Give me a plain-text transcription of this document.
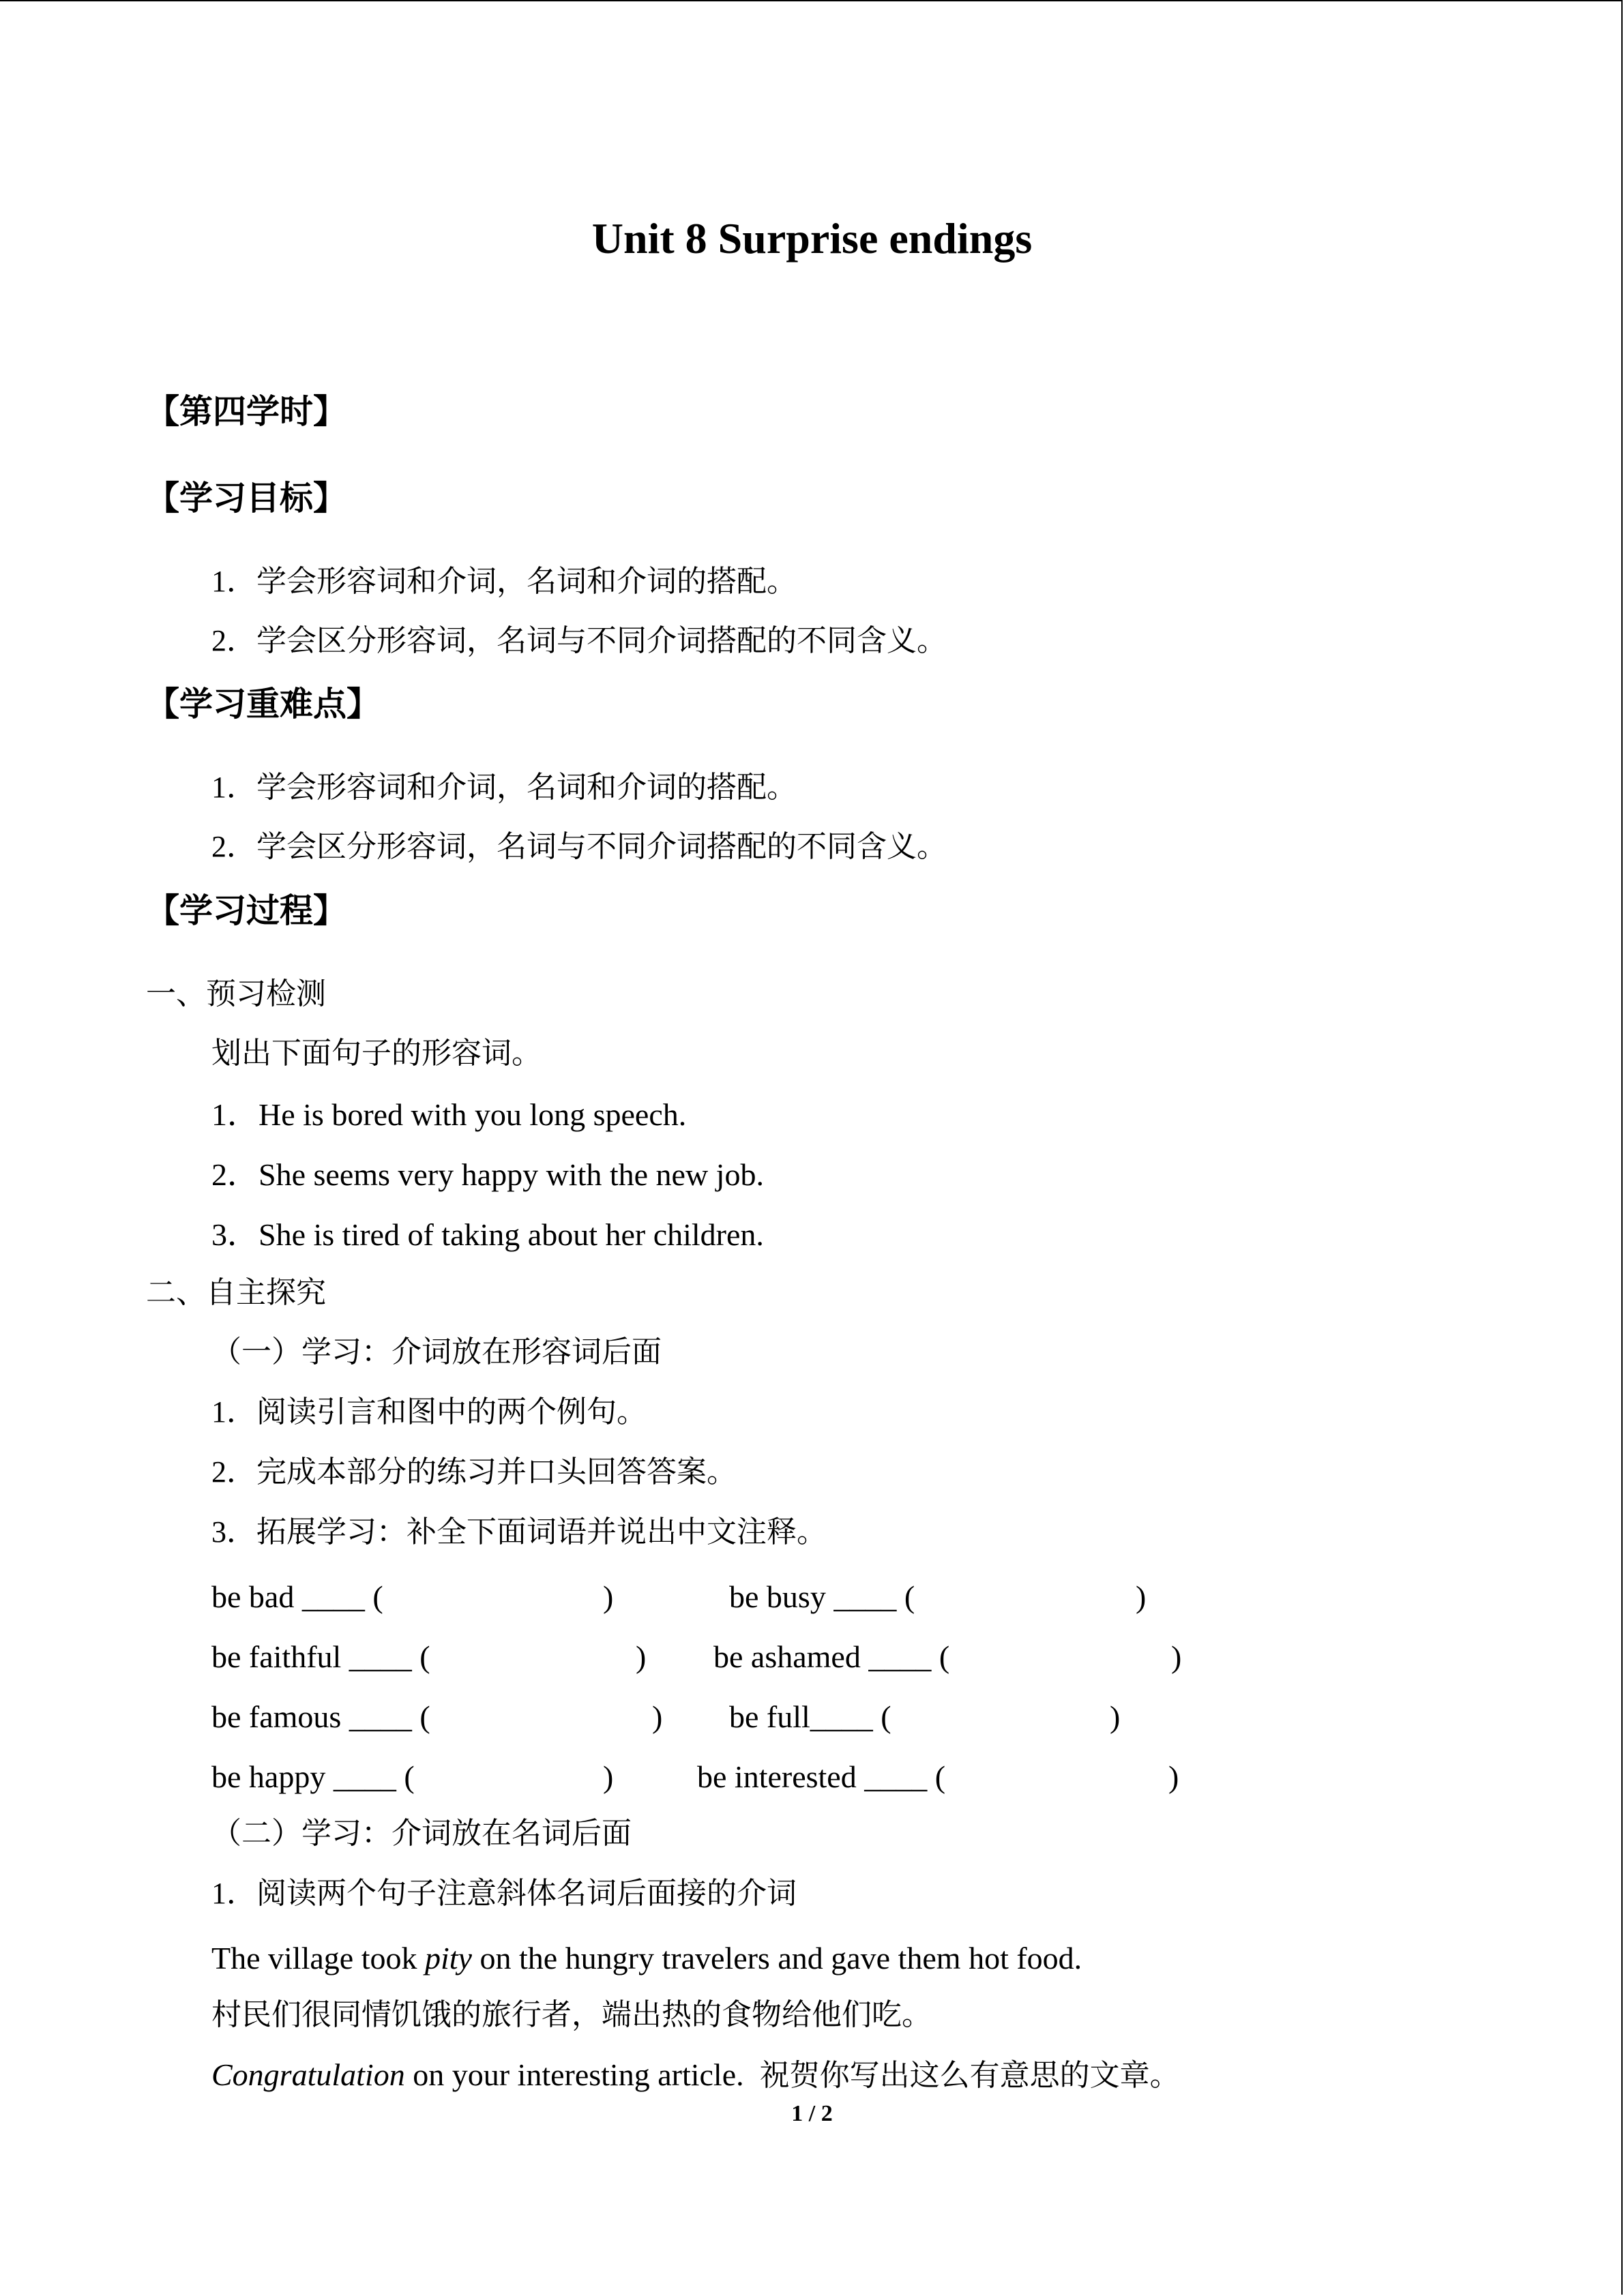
Unit 8 Surprise endings
【第四学时】
【学习目标】
1．学会形容词和介词，名词和介词的搭配。
2．学会区分形容词，名词与不同介词搭配的不同含义。
【学习重难点】
1．学会形容词和介词，名词和介词的搭配。
2．学会区分形容词，名词与不同介词搭配的不同含义。
【学习过程】
一、预习检测
划出下面句子的形容词。
1．He is bored with you long speech.
2．She seems very happy with the new job.
3．She is tired of taking about her children.
二、自主探究
（一）学习：介词放在形容词后面
1．阅读引言和图中的两个例句。
2．完成本部分的练习并口头回答答案。
3．拓展学习：补全下面词语并说出中文注释。
be bad ____ (	)	be busy ____ (	)
be faithful ____ (	) be ashamed ____ (	)
be famous ____ (	) be full____ (	)
be happy ____ (	)	be interested ____ (	)
（二）学习：介词放在名词后面
1．阅读两个句子注意斜体名词后面接的介词
The village took pity on the hungry travelers and gave them hot food.
村民们很同情饥饿的旅行者，端出热的食物给他们吃。
Congratulation on your interesting article.  祝贺你写出这么有意思的文章。
1 / 2
